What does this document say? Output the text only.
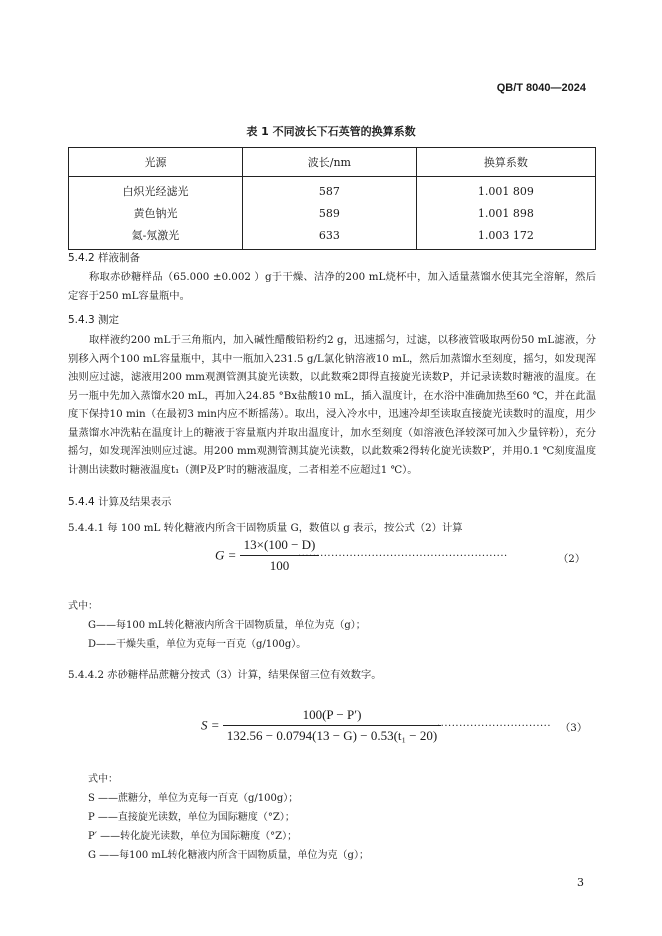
QB/T 8040—2024
表 1 不同波长下石英管的换算系数
光源	波长/nm	换算系数
白炽光经滤光	587	1.001 809
黄色钠光	589	1.001 898
氦-氖激光	633	1.003 172
5.4.2 样液制备

称取赤砂糖样品（65.000 ±0.002 ）g于干燥、洁净的200 mL烧杯中，加入适量蒸馏水使其完全溶解，然后定容于250 mL容量瓶中。

5.4.3 测定

取样液约200 mL于三角瓶内，加入碱性醋酸铅粉约2 g，迅速摇匀，过滤，以移液管吸取两份50 mL滤液，分别移入两个100 mL容量瓶中，其中一瓶加入231.5 g/L氯化钠溶液10 mL，然后加蒸馏水至刻度，摇匀，如发现浑浊则应过滤，滤液用200 mm观测管测其旋光读数，以此数乘2即得直接旋光读数P，并记录读数时糖液的温度。在另一瓶中先加入蒸馏水20 mL，再加入24.85 °Bx盐酸10 mL，插入温度计，在水浴中准确加热至60 ℃，并在此温度下保持10 min（在最初3 min内应不断摇荡）。取出，浸入冷水中，迅速冷却至读取直接旋光读数时的温度，用少量蒸馏水冲洗粘在温度计上的糖液于容量瓶内并取出温度计，加水至刻度（如溶液色泽较深可加入少量锌粉），充分摇匀，如发现浑浊则应过滤。用200 mm观测管测其旋光读数，以此数乘2得转化旋光读数P′，并用0.1 ℃刻度温度计测出读数时糖液温度t₁（测P及P′时的糖液温度，二者相差不应超过1 ℃）。

5.4.4 计算及结果表示
5.4.4.1 每 100 mL 转化糖液内所含干固物质量 G，数值以 g 表示，按公式（2）计算
$G = \frac{13\times(100 - D)}{100}$
·························································	（2）
式中：
G——每100 mL转化糖液内所含干固物质量，单位为克（g）；
D——干燥失重，单位为克每一百克（g/100g）。
5.4.4.2 赤砂糖样品蔗糖分按式（3）计算，结果保留三位有效数字。
$S = \frac{100(P - P')}{\text{132.56 − 0.0794(13 − G) − 0.53(t₁ − 20)}}$
······························· （3）
式中：
S ——蔗糖分，单位为克每一百克（g/100g）；
P ——直接旋光读数，单位为国际糖度（°Z）；
P′ ——转化旋光读数，单位为国际糖度（°Z）；
G ——每100 mL转化糖液内所含干固物质量，单位为克（g）；
3
